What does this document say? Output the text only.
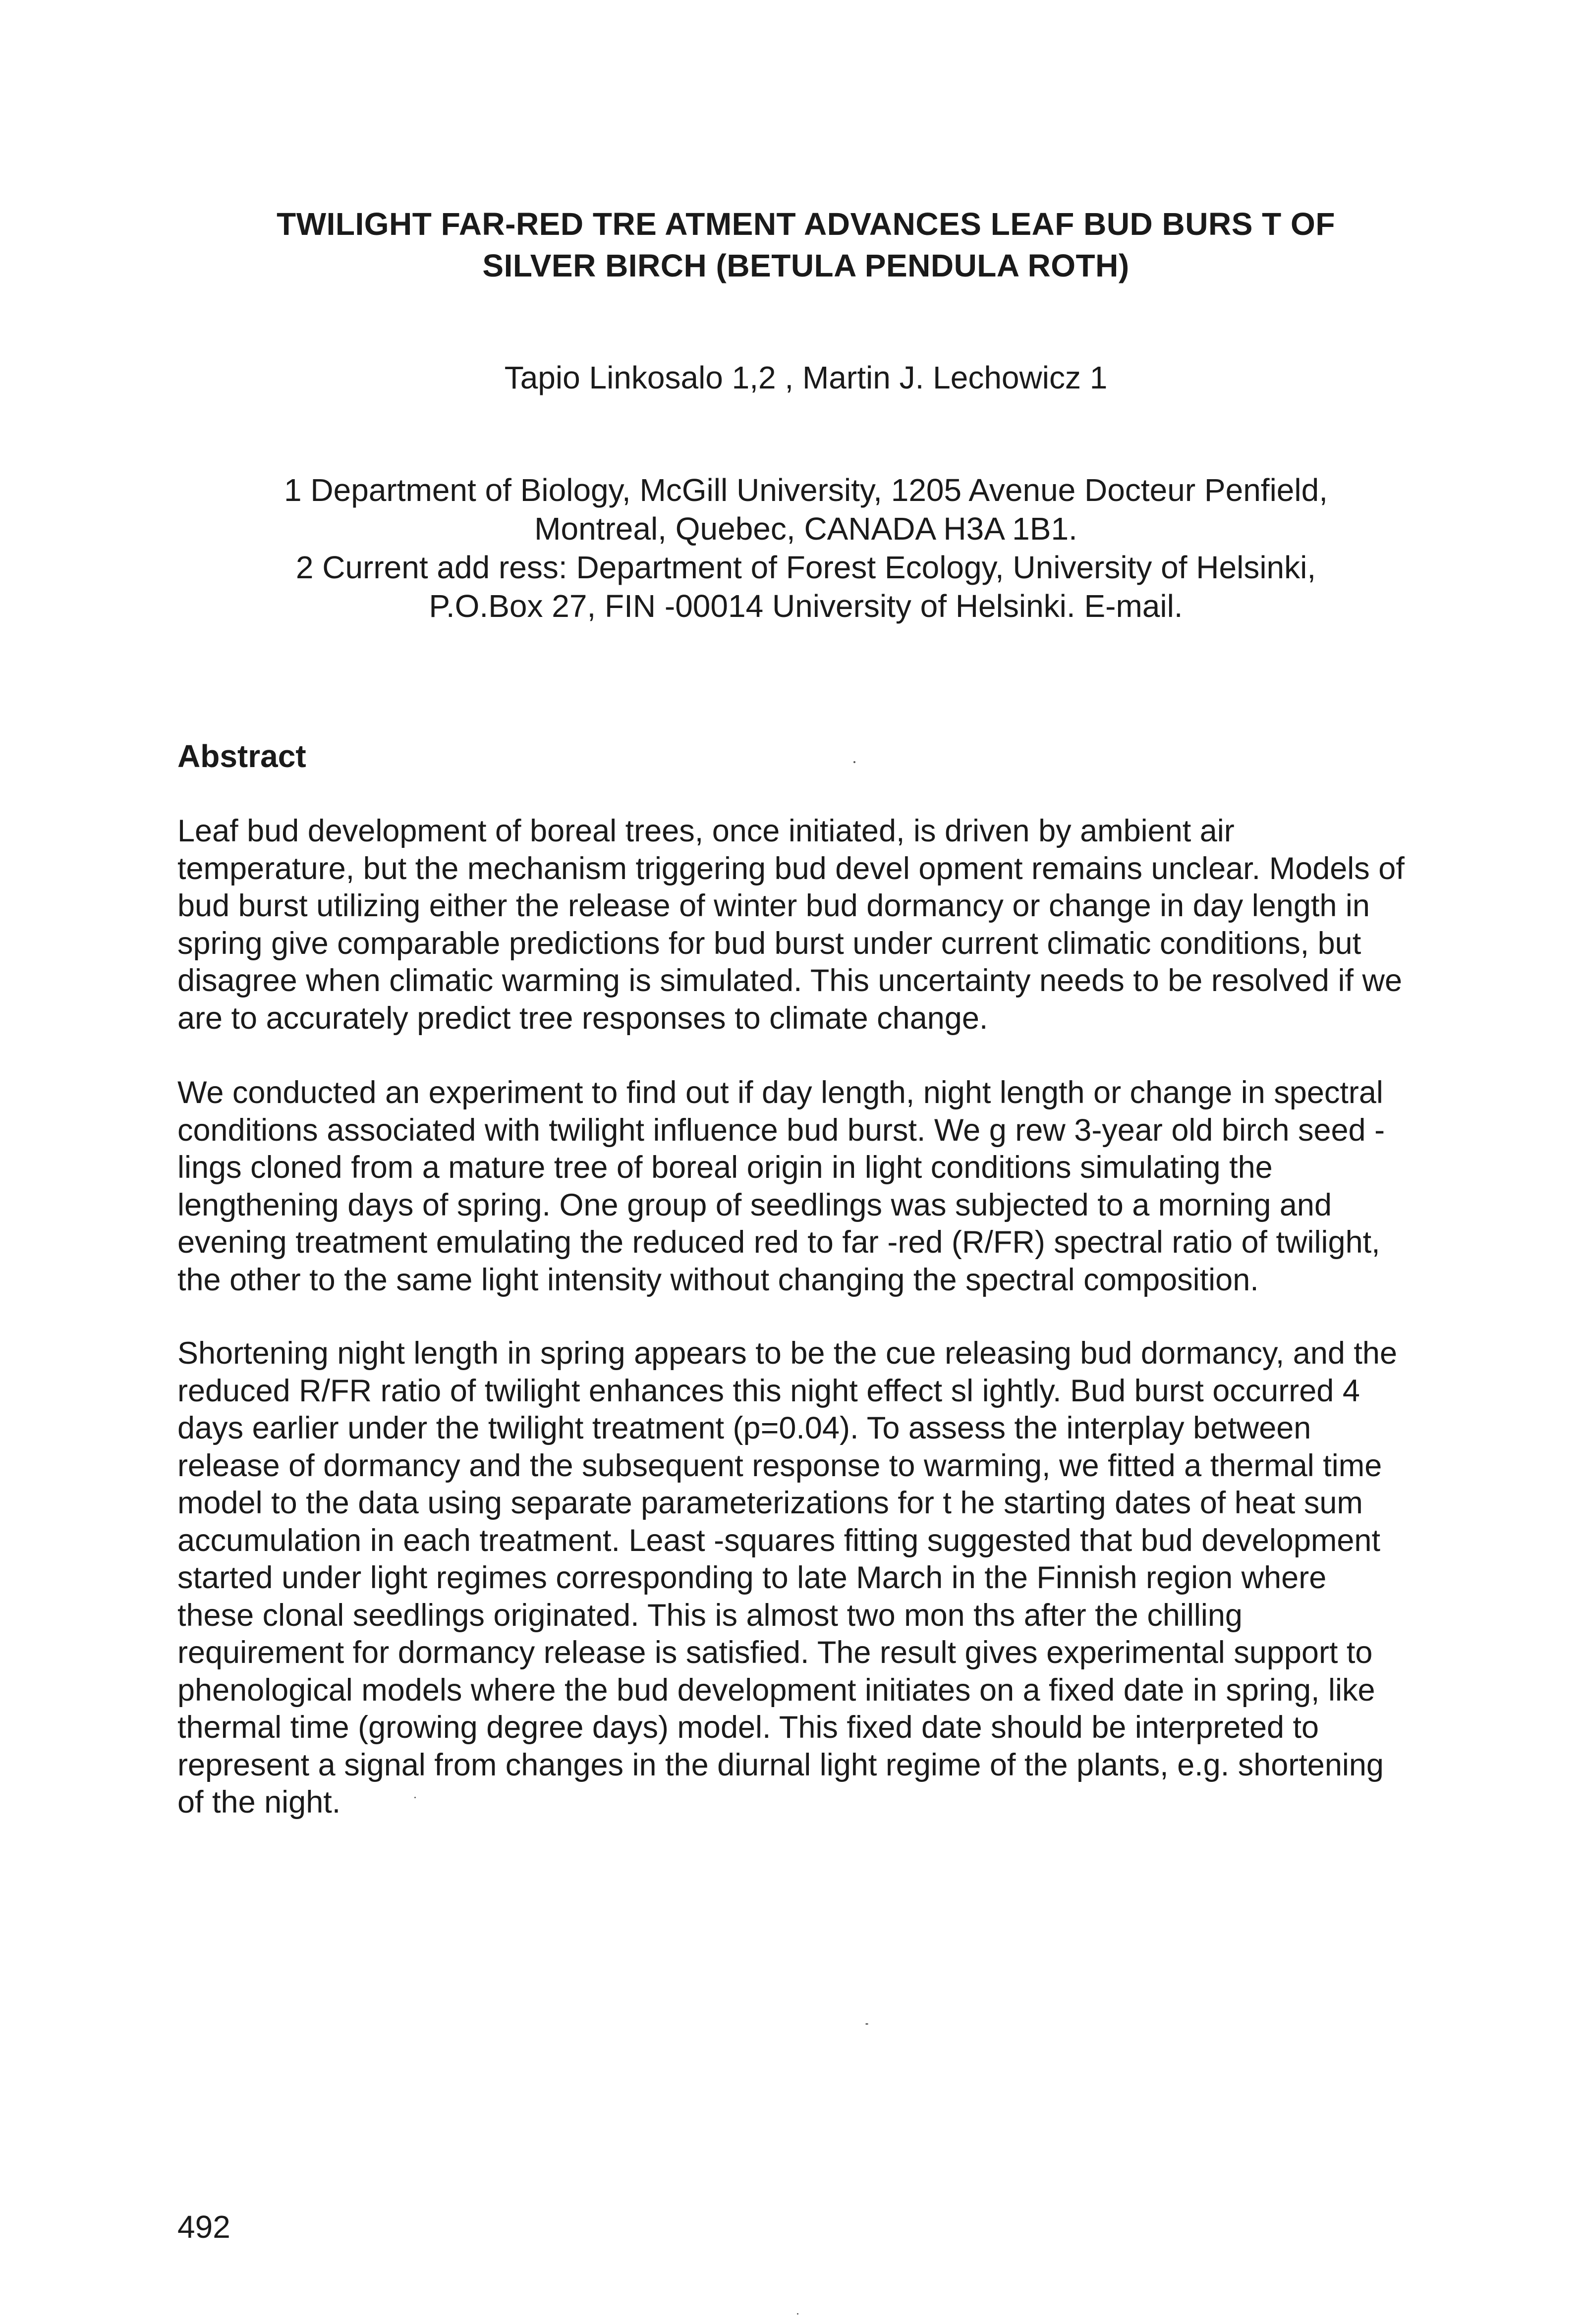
TWILIGHT FAR-RED TRE ATMENT ADVANCES LEAF BUD BURS T OF
SILVER BIRCH (BETULA PENDULA ROTH)

Tapio Linkosalo 1,2 , Martin J. Lechowicz 1

1 Department of Biology, McGill University, 1205 Avenue Docteur Penfield,
Montreal, Quebec, CANADA H3A 1B1.
2 Current add ress: Department of Forest Ecology, University of Helsinki,
P.O.Box 27, FIN -00014 University of Helsinki. E-mail.
Abstract
Leaf bud development of boreal trees, once initiated, is driven by ambient air
temperature, but the mechanism triggering bud devel opment remains unclear. Models of
bud burst utilizing either the release of winter bud dormancy or change in day length in
spring give comparable predictions for bud burst under current climatic conditions, but
disagree when climatic warming is simulated. This uncertainty needs to be resolved if we
are to accurately predict tree responses to climate change.
We conducted an experiment to find out if day length, night length or change in spectral
conditions associated with twilight influence bud burst. We g rew 3-year old birch seed -
lings cloned from a mature tree of boreal origin in light conditions simulating the
lengthening days of spring. One group of seedlings was subjected to a morning and
evening treatment emulating the reduced red to far -red (R/FR) spectral ratio of twilight,
the other to the same light intensity without changing the spectral composition.
Shortening night length in spring appears to be the cue releasing bud dormancy, and the
reduced R/FR ratio of twilight enhances this night effect sl ightly. Bud burst occurred 4
days earlier under the twilight treatment (p=0.04). To assess the interplay between
release of dormancy and the subsequent response to warming, we fitted a thermal time
model to the data using separate parameterizations for t he starting dates of heat sum
accumulation in each treatment. Least -squares fitting suggested that bud development
started under light regimes corresponding to late March in the Finnish region where
these clonal seedlings originated. This is almost two mon ths after the chilling
requirement for dormancy release is satisfied. The result gives experimental support to
phenological models where the bud development initiates on a fixed date in spring, like
thermal time (growing degree days) model. This fixed date should be interpreted to
represent a signal from changes in the diurnal light regime of the plants, e.g. shortening
of the night.

492
